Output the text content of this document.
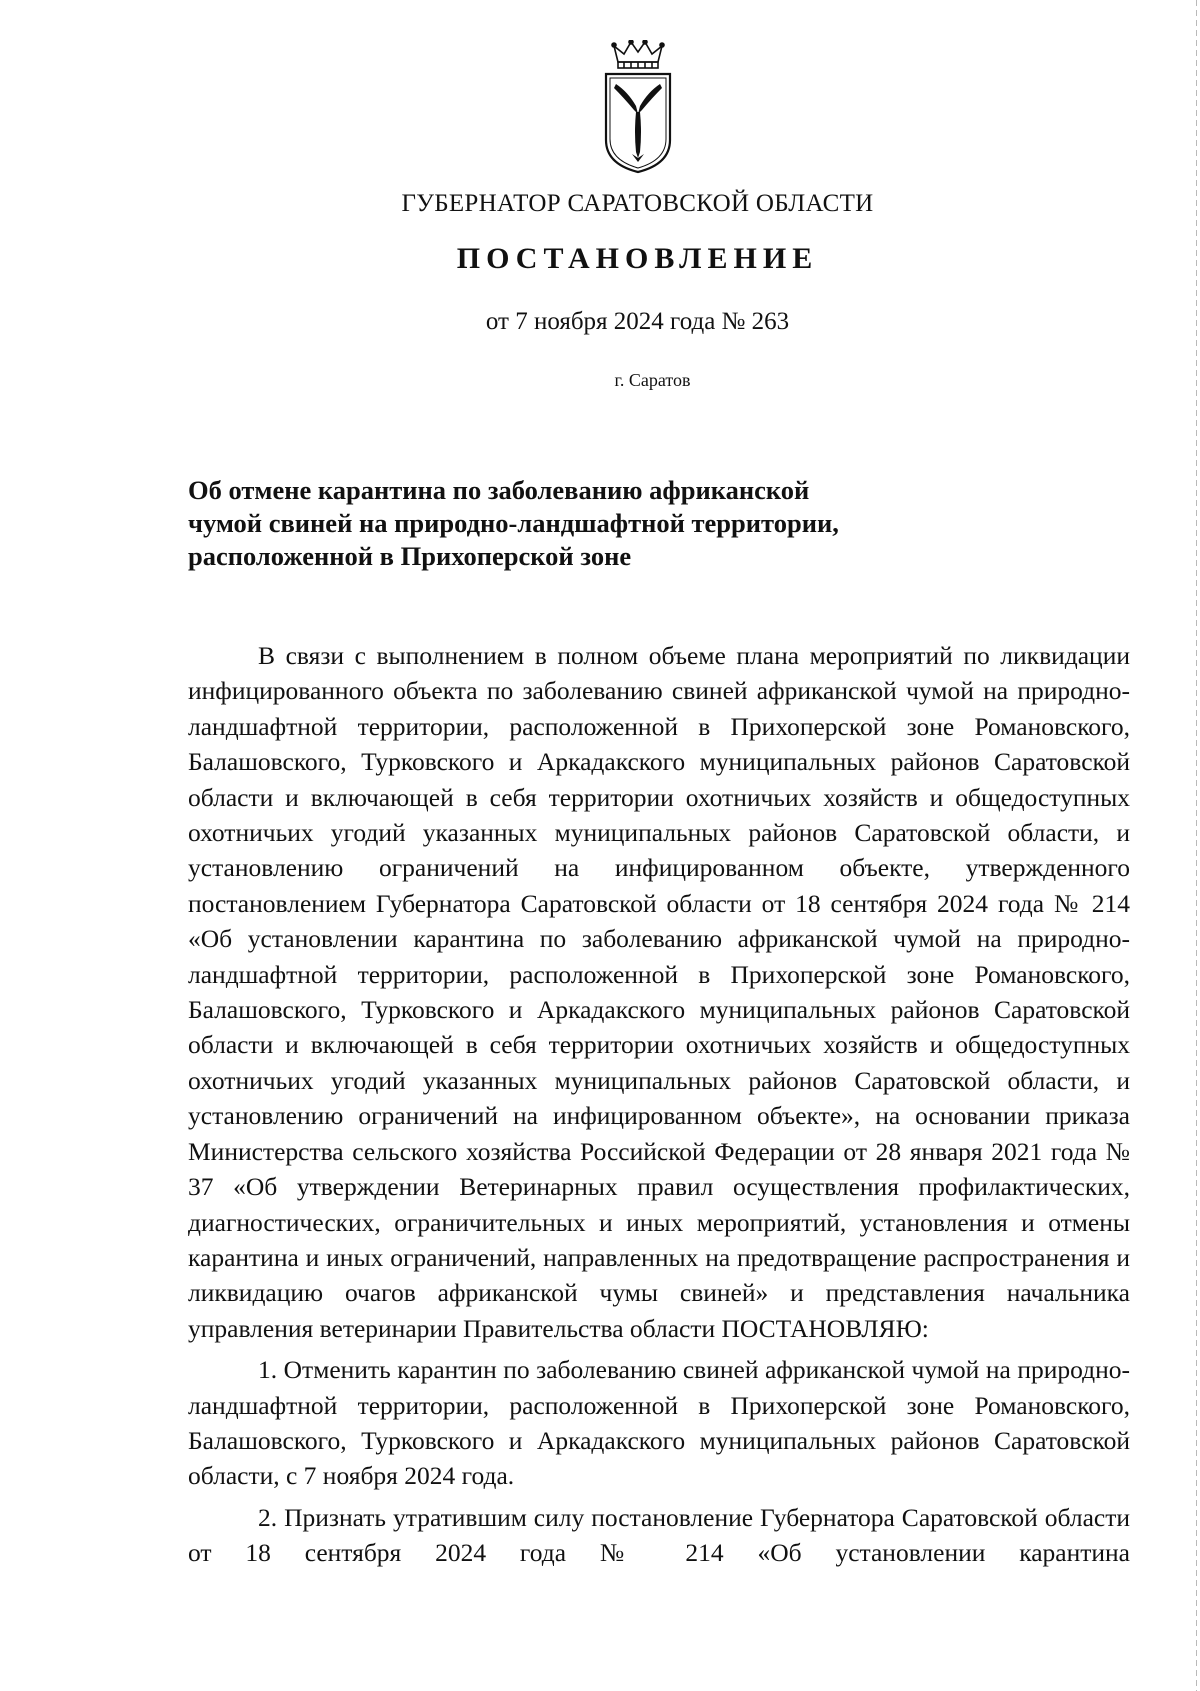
ГУБЕРНАТОР САРАТОВСКОЙ ОБЛАСТИ
ПОСТАНОВЛЕНИЕ
от 7 ноября 2024 года № 263
г. Саратов
Об отмене карантина по заболеванию африканской
чумой свиней на природно-ландшафтной территории,
расположенной в Прихоперской зоне

В связи с выполнением в полном объеме плана мероприятий по ликвидации инфицированного объекта по заболеванию свиней африканской чумой на природно-ландшафтной территории, расположенной в Прихоперской зоне Романовского, Балашовского, Турковского и Аркадакского муниципальных районов Саратовской области и включающей в себя территории охотничьих хозяйств и общедоступных охотничьих угодий указанных муниципальных районов Саратовской области, и установлению ограничений на инфицированном объекте, утвержденного постановлением Губернатора Саратовской области от 18 сентября 2024 года № 214 «Об установлении карантина по заболеванию африканской чумой на природно-ландшафтной территории, расположенной в Прихоперской зоне Романовского, Балашовского, Турковского и Аркадакского муниципальных районов Саратовской области и включающей в себя территории охотничьих хозяйств и общедоступных охотничьих угодий указанных муниципальных районов Саратовской области, и установлению ограничений на инфицированном объекте», на основании приказа Министерства сельского хозяйства Российской Федерации от 28 января 2021 года № 37 «Об утверждении Ветеринарных правил осуществления профилактических, диагностических, ограничительных и иных мероприятий, установления и отмены карантина и иных ограничений, направленных на предотвращение распространения и ликвидацию очагов африканской чумы свиней» и представления начальника управления ветеринарии Правительства области ПОСТАНОВЛЯЮ:

1. Отменить карантин по заболеванию свиней африканской чумой на природно-ландшафтной территории, расположенной в Прихоперской зоне Романовского, Балашовского, Турковского и Аркадакского муниципальных районов Саратовской области, с 7 ноября 2024 года.

2. Признать утратившим силу постановление Губернатора Саратовской области от 18 сентября 2024 года № 214 «Об установлении карантина
